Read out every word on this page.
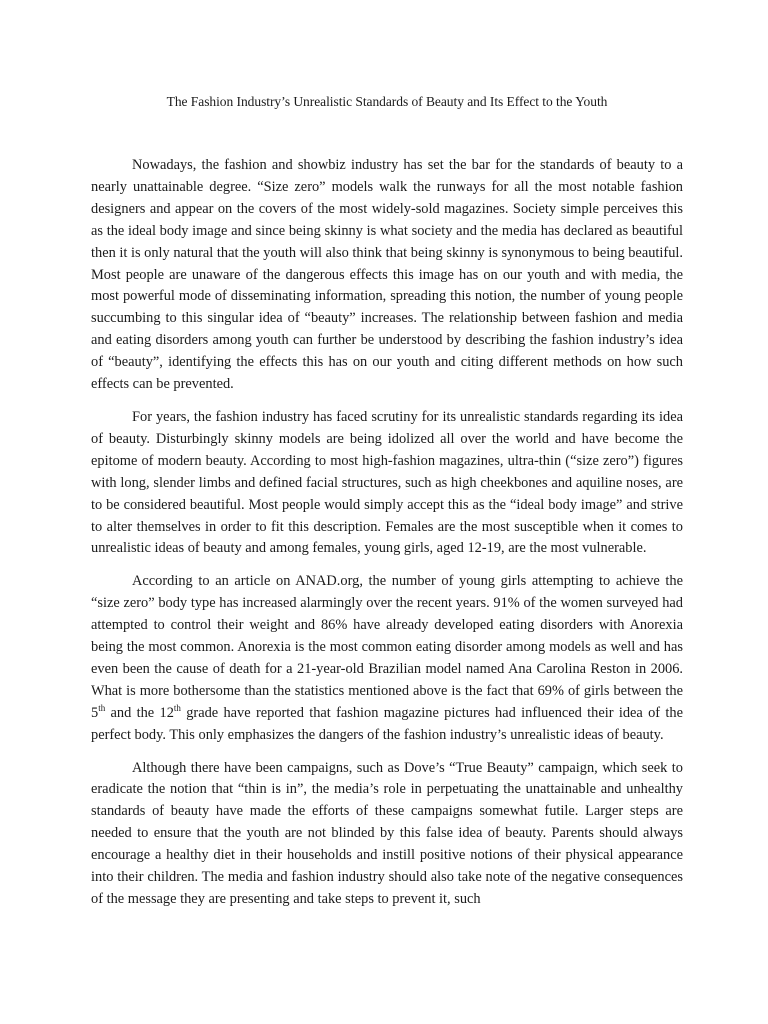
The Fashion Industry’s Unrealistic Standards of Beauty and Its Effect to the Youth

Nowadays, the fashion and showbiz industry has set the bar for the standards of beauty to a nearly unattainable degree. “Size zero” models walk the runways for all the most notable fashion designers and appear on the covers of the most widely-sold magazines. Society simple perceives this as the ideal body image and since being skinny is what society and the media has declared as beautiful then it is only natural that the youth will also think that being skinny is synonymous to being beautiful. Most people are unaware of the dangerous effects this image has on our youth and with media, the most powerful mode of disseminating information, spreading this notion, the number of young people succumbing to this singular idea of “beauty” increases. The relationship between fashion and media and eating disorders among youth can further be understood by describing the fashion industry’s idea of “beauty”, identifying the effects this has on our youth and citing different methods on how such effects can be prevented.

For years, the fashion industry has faced scrutiny for its unrealistic standards regarding its idea of beauty. Disturbingly skinny models are being idolized all over the world and have become the epitome of modern beauty. According to most high-fashion magazines, ultra-thin (“size zero”) figures with long, slender limbs and defined facial structures, such as high cheekbones and aquiline noses, are to be considered beautiful. Most people would simply accept this as the “ideal body image” and strive to alter themselves in order to fit this description. Females are the most susceptible when it comes to unrealistic ideas of beauty and among females, young girls, aged 12-19, are the most vulnerable.

According to an article on ANAD.org, the number of young girls attempting to achieve the “size zero” body type has increased alarmingly over the recent years. 91% of the women surveyed had attempted to control their weight and 86% have already developed eating disorders with Anorexia being the most common. Anorexia is the most common eating disorder among models as well and has even been the cause of death for a 21-year-old Brazilian model named Ana Carolina Reston in 2006. What is more bothersome than the statistics mentioned above is the fact that 69% of girls between the 5th and the 12th grade have reported that fashion magazine pictures had influenced their idea of the perfect body. This only emphasizes the dangers of the fashion industry’s unrealistic ideas of beauty.

Although there have been campaigns, such as Dove’s “True Beauty” campaign, which seek to eradicate the notion that “thin is in”, the media’s role in perpetuating the unattainable and unhealthy standards of beauty have made the efforts of these campaigns somewhat futile. Larger steps are needed to ensure that the youth are not blinded by this false idea of beauty. Parents should always encourage a healthy diet in their households and instill positive notions of their physical appearance into their children. The media and fashion industry should also take note of the negative consequences of the message they are presenting and take steps to prevent it, such
